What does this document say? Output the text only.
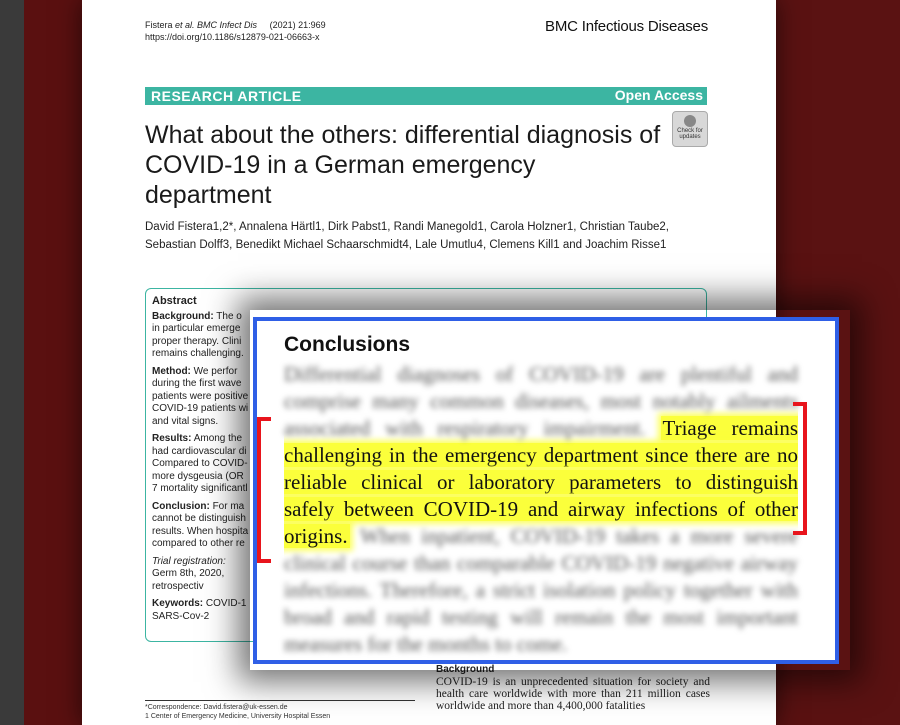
Fistera et al. BMC Infect Dis (2021) 21:969
https://doi.org/10.1186/s12879-021-06663-x
BMC Infectious Diseases
RESEARCH ARTICLE	Open Access
Check for updates
What about the others: differential diagnosis of COVID-19 in a German emergency department
David Fistera1,2*, Annalena Härtl1, Dirk Pabst1, Randi Manegold1, Carola Holzner1, Christian Taube2, Sebastian Dolff3, Benedikt Michael Schaarschmidt4, Lale Umutlu4, Clemens Kill1 and Joachim Risse1

Abstract

Background: The o in particular emerge proper therapy. Clini remains challenging.

Method: We perfor during the first wave patients were positive COVID-19 patients wi and vital signs.

Results: Among the had cardiovascular di Compared to COVID- more dysgeusia (OR 7 mortality significantl

Conclusion: For ma cannot be distinguish results. When hospita compared to other re

Trial registration: Germ 8th, 2020, retrospectiv

Keywords: COVID-1 SARS-Cov-2

*Correspondence: David.fistera@uk-essen.de
1 Center of Emergency Medicine, University Hospital Essen
Background
COVID-19 is an unprecedented situation for society and health care worldwide with more than 211 million cases worldwide and more than 4,400,000 fatalities
Conclusions
Differential diagnoses of COVID-19 are plentiful and comprise many common diseases, most notably ailments associated with respiratory impairment. Triage remains challenging in the emergency department since there are no reliable clinical or laboratory parameters to distinguish safely between COVID-19 and airway infections of other origins. When inpatient, COVID-19 takes a more severe clinical course than comparable COVID-19 negative airway infections. Therefore, a strict isolation policy together with broad and rapid testing will remain the most important measures for the months to come.
